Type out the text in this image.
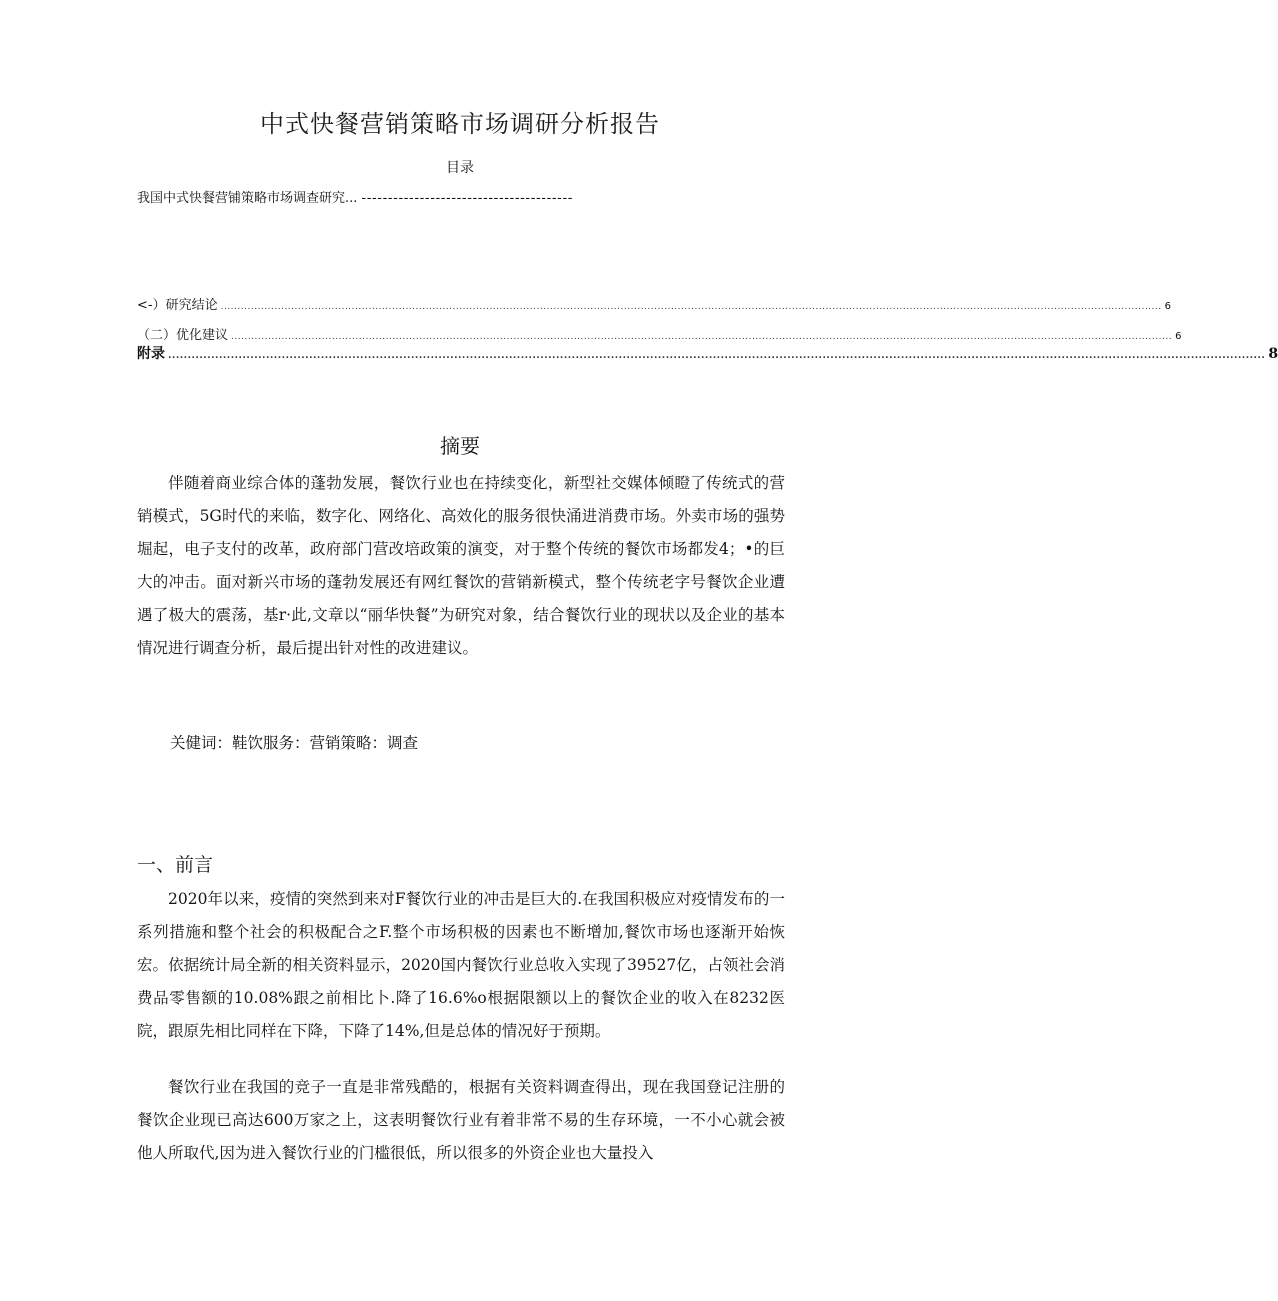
中式快餐营销策略市场调研分析报告
目录
我国中式快餐营铺策略市场调查研究... ----------------------------------------
<-）研究结论 ........................................................................................................................................................................................................................................................................................ 6
（二）优化建议 ........................................................................................................................................................................................................................................................................................ 6
附录 ........................................................................................................................................................................................................................................................................................ 8
摘要
伴随着商业综合体的蓬勃发展，餐饮行业也在持续变化，新型社交媒体倾瞪了传统式的营销模式，5G时代的来临，数字化、网络化、高效化的服务很快涌进消费市场。外卖市场的强势堀起，电子支付的改革，政府部门营改培政策的演变，对于整个传统的餐饮市场都发4；•的巨大的冲击。面对新兴市场的蓬勃发展还有网红餐饮的营销新模式，整个传统老字号餐饮企业遭遇了极大的震荡，基r·此,文章以“丽华快餐”为研究对象，结合餐饮行业的现状以及企业的基本情况进行调查分析，最后提出针对性的改进建议。
关健词：鞋饮服务：营销策略：调查
一、前言
2020年以来，疫情的突然到来对F餐饮行业的冲击是巨大的.在我国积极应对疫情发布的一系列措施和整个社会的积极配合之F.整个市场积极的因素也不断增加,餐饮市场也逐渐开始恢宏。依据统计局全新的相关资料显示，2020国内餐饮行业总收入实现了39527亿，占领社会消费品零售额的10.08%跟之前相比卜.降了16.6%o根据限额以上的餐饮企业的收入在8232医院，跟原先相比同样在下降，下降了14%,但是总体的情况好于预期。
餐饮行业在我国的竞子一直是非常残酷的，根据有关资料调查得出，现在我国登记注册的餐饮企业现已高达600万家之上，这表明餐饮行业有着非常不易的生存环境，一不小心就会被他人所取代,因为进入餐饮行业的门槛很低，所以很多的外资企业也大量投入
